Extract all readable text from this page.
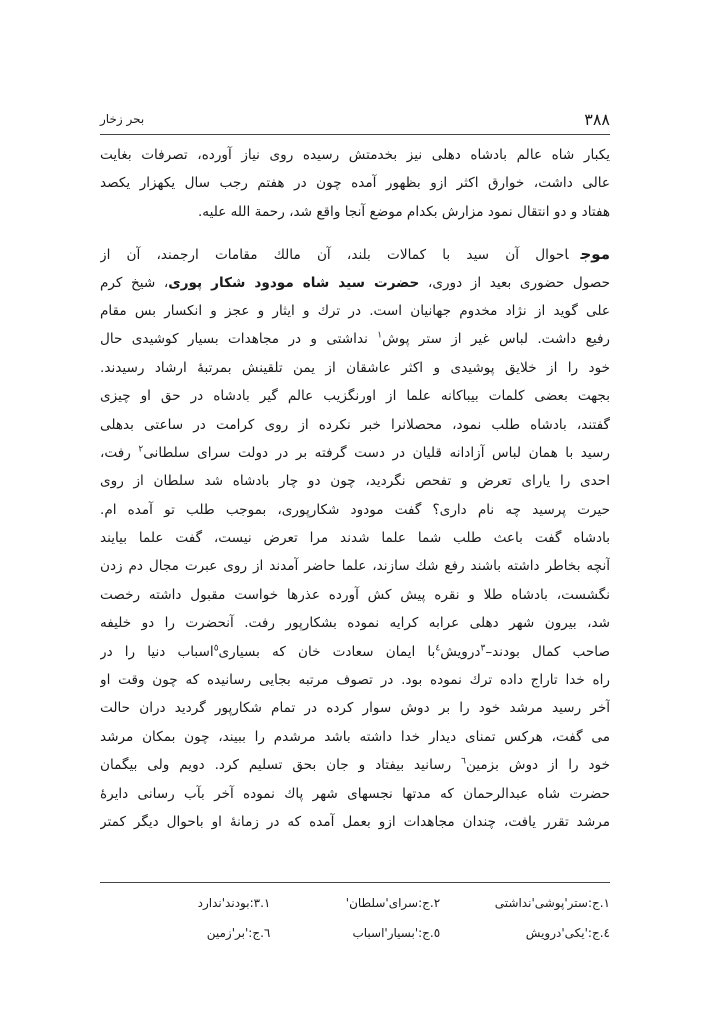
٣٨٨
بحر زخار
یکبار شاه عالم بادشاه دهلی نیز بخدمتش رسیده روی نیاز آورده، تصرفات بغایت
عالی داشت، خوارق اکثر ازو بظهور آمده چون در هفتم رجب سال یکهزار یکصد
هفتاد و دو انتقال نمود مزارش بکدام موضع آنجا واقع شد، رحمة الله علیه.
موجاحوال آن سید با کمالات بلند، آن مالك مقامات ارجمند، آن از
حصول حضوری بعید از دوری، حضرت سید شاه مودود شکار پوری، شیخ کرم
علی گوید از نژاد مخدوم جهانیان است. در ترك و ایثار و عجز و انکسار بس مقام
رفیع داشت. لباس غیر از ستر پوش$^١$ نداشتی و در مجاهدات بسیار کوشیدی حال
خود را از خلایق پوشیدی و اکثر عاشقان از یمن تلقینش بمرتبۀ ارشاد رسیدند.
بجهت بعضی کلمات بیباکانه علما از اورنگزیب عالم گیر بادشاه در حق او چیزی
گفتند، بادشاه طلب نمود، محصلانرا خبر نکرده از روی کرامت در ساعتی بدهلی
رسید با همان لباس آزادانه قلیان در دست گرفته بر در دولت سرای سلطانی$^٢$ رفت،
احدی را یارای تعرض و تفحص نگردید، چون دو چار بادشاه شد سلطان از روی
حیرت پرسید چه نام داری؟ گفت مودود شکارپوری، بموجب طلب تو آمده ام.
بادشاه گفت باعث طلب شما علما شدند مرا تعرض نیست، گفت علما بیایند
آنچه بخاطر داشته باشند رفع شك سازند، علما حاضر آمدند از روی عبرت مجال دم زدن
نگشست، بادشاه طلا و نقره پیش کش آورده عذرها خواست مقبول داشته رخصت
شد، بیرون شهر دهلی عرابه کرایه نموده بشکارپور رفت. آنحضرت را دو خلیفه
صاحب کمال بودند–$^٣$درویش$^٤$با ایمان سعادت خان که بسیاری$^٥$اسباب دنیا را در
راه خدا تاراج داده ترك نموده بود. در تصوف مرتبه بجایی رسانیده که چون وقت او
آخر رسید مرشد خود را بر دوش سوار کرده در تمام شکارپور گردید دران حالت
می گفت، هرکس تمنای دیدار خدا داشته باشد مرشدم را ببیند، چون بمکان مرشد
خود را از دوش بزمین$^٦$ رسانید بیفتاد و جان بحق تسلیم کرد. دویم ولی بیگمان
حضرت شاه عبدالرحمان که مدتها نجسهای شهر پاك نموده آخر بآب رسانی دایرۀ
مرشد تقرر یافت، چندان مجاهدات ازو بعمل آمده که در زمانۀ او باحوال دیگر کمتر
١.ج:ستر'پوشی'نداشتی
٢.ج:سرای'سلطان'
٣.١:بودند'ندارد
٤.ج:'یکی'درویش
٥.ج:'بسیار'اسباب
٦.ج:'بر'زمین
